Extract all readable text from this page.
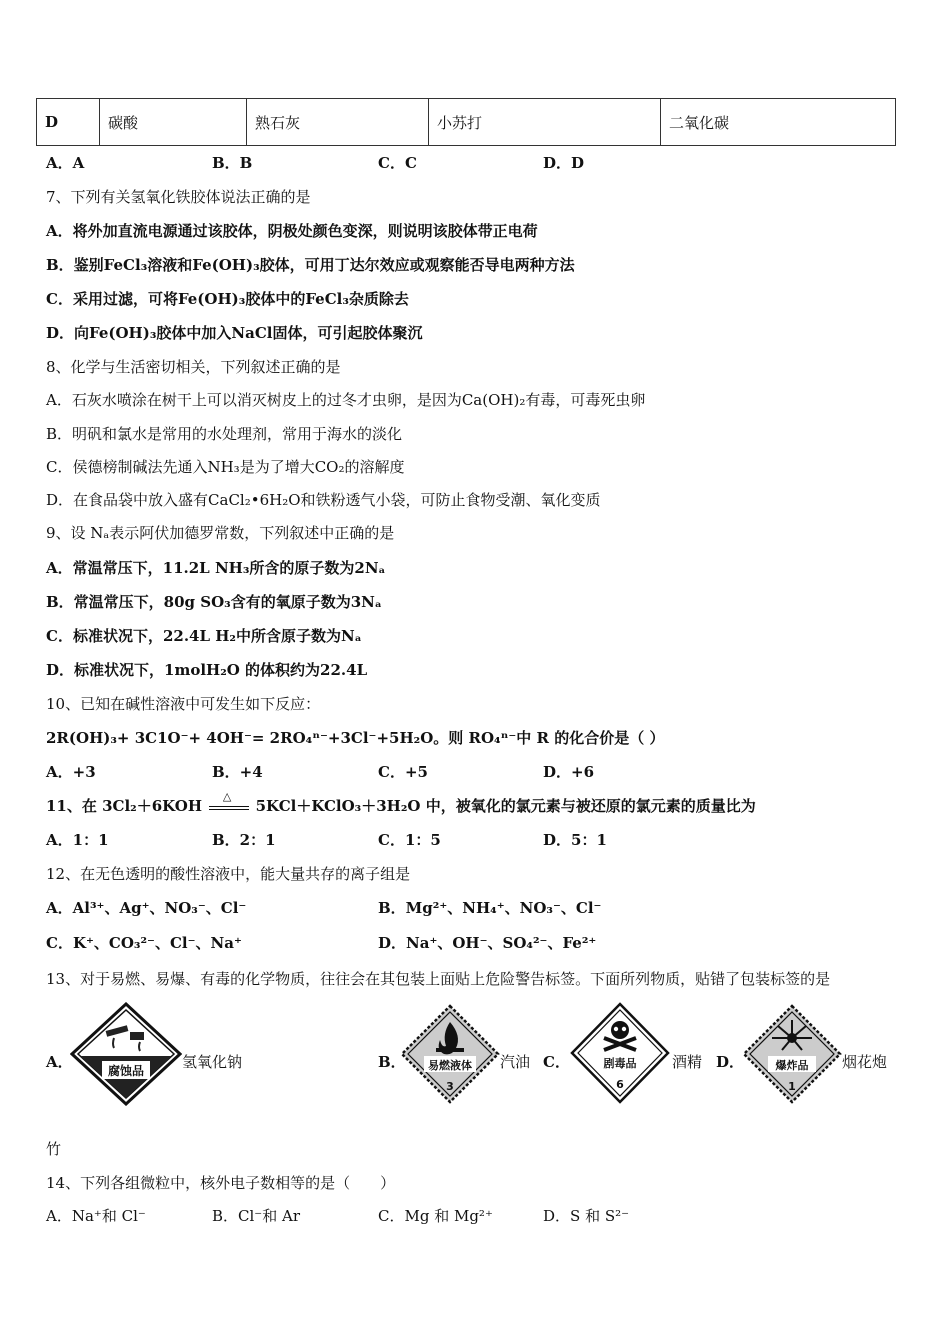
D	碳酸	熟石灰	小苏打	二氧化碳
A．A	B．B	C．C	D．D
7、下列有关氢氧化铁胶体说法正确的是
A．将外加直流电源通过该胶体，阴极处颜色变深，则说明该胶体带正电荷
B．鉴别FeCl₃溶液和Fe(OH)₃胶体，可用丁达尔效应或观察能否导电两种方法
C．采用过滤，可将Fe(OH)₃胶体中的FeCl₃杂质除去
D．向Fe(OH)₃胶体中加入NaCl固体，可引起胶体聚沉
8、化学与生活密切相关，下列叙述正确的是
A．石灰水喷涂在树干上可以消灭树皮上的过冬才虫卵，是因为Ca(OH)₂有毒，可毒死虫卵
B．明矾和氯水是常用的水处理剂，常用于海水的淡化
C．侯德榜制碱法先通入NH₃是为了增大CO₂的溶解度
D．在食品袋中放入盛有CaCl₂•6H₂O和铁粉透气小袋，可防止食物受潮、氧化变质
9、设 Nₐ表示阿伏加德罗常数，下列叙述中正确的是
A．常温常压下，11.2L NH₃所含的原子数为2Nₐ
B．常温常压下，80g SO₃含有的氧原子数为3Nₐ
C．标准状况下，22.4L H₂中所含原子数为Nₐ
D．标准状况下，1molH₂O 的体积约为22.4L
10、已知在碱性溶液中可发生如下反应：
2R(OH)₃+ 3C1O⁻+ 4OH⁻= 2RO₄ⁿ⁻+3Cl⁻+5H₂O。则 RO₄ⁿ⁻中 R 的化合价是（ ）
A．+3	B．+4	C．+5	D．+6
11、在 3Cl₂＋6KOH
△
5KCl＋KClO₃＋3H₂O 中，被氧化的氯元素与被还原的氯元素的质量比为
A．1：1	B．2：1	C．1：5	D．5：1
12、在无色透明的酸性溶液中，能大量共存的离子组是
A．Al³⁺、Ag⁺、NO₃⁻、Cl⁻	B．Mg²⁺、NH₄⁺、NO₃⁻、Cl⁻
C．K⁺、CO₃²⁻、Cl⁻、Na⁺	D．Na⁺、OH⁻、SO₄²⁻、Fe²⁺
13、对于易燃、易爆、有毒的化学物质，往往会在其包装上面贴上危险警告标签。下面所列物质，贴错了包装标签的是
A．	腐蚀品	氢氧化钠	B． 易燃液体
3
汽油 C．	剧毒品
6
酒精 D．	爆炸品
1
烟花炮
竹
14、下列各组微粒中，核外电子数相等的是（　　）
A．Na⁺和 Cl⁻	B．Cl⁻和 Ar	C．Mg 和 Mg²⁺	D．S 和 S²⁻
